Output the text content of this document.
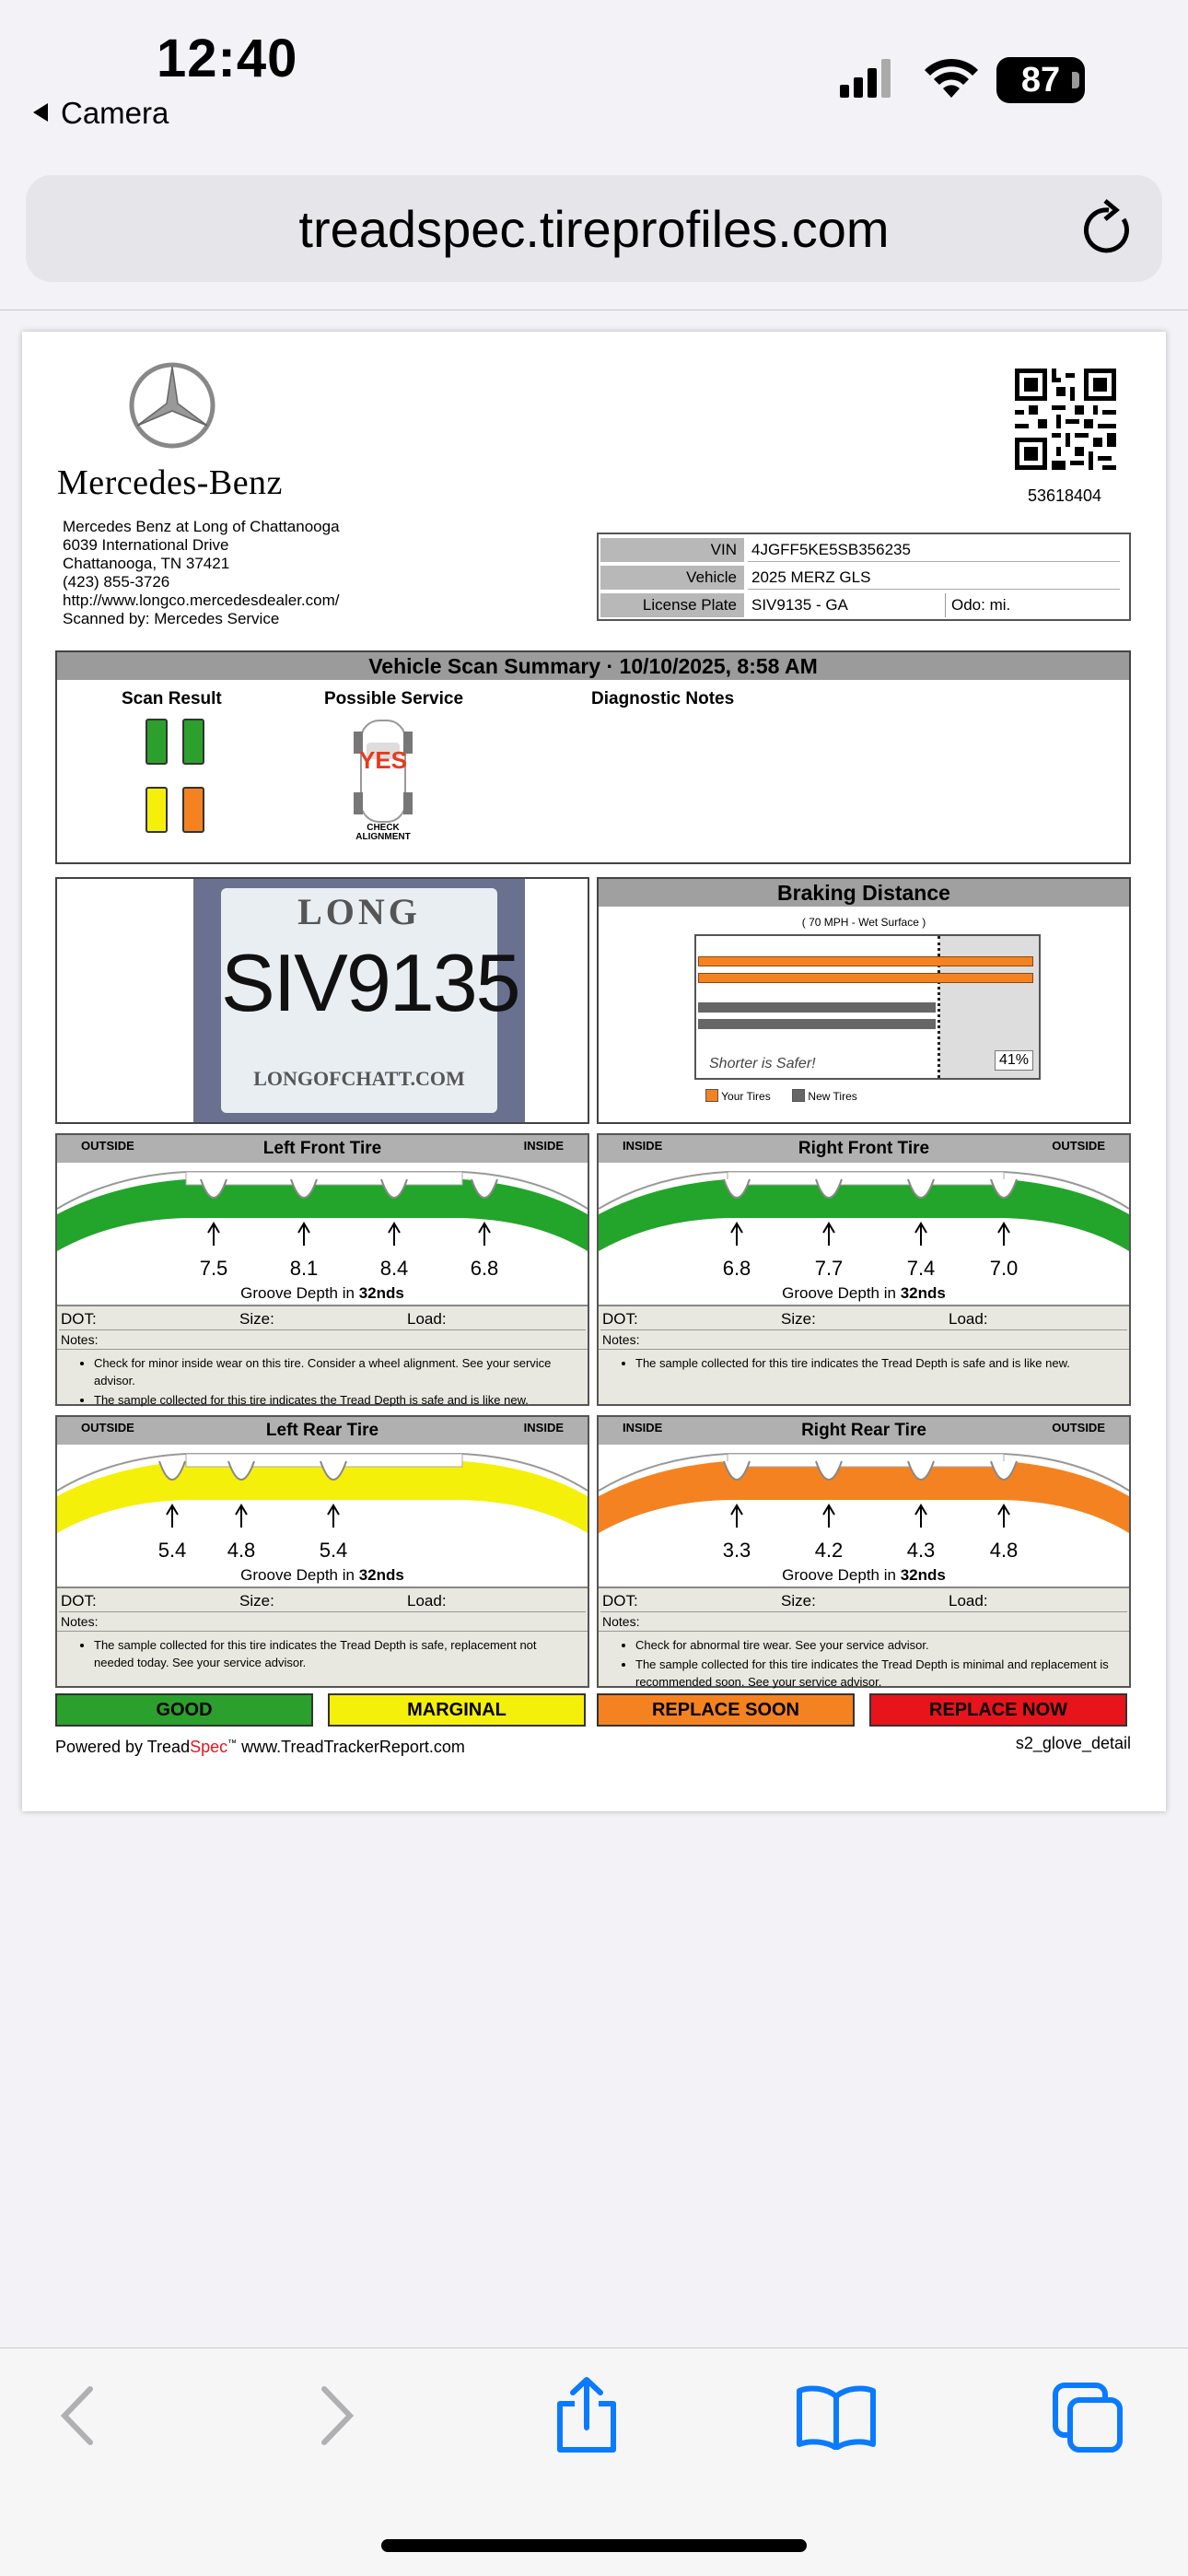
12:40
Camera
87
treadspec.tireprofiles.com
Mercedes-Benz
Mercedes Benz at Long of Chattanooga
6039 International Drive
Chattanooga, TN 37421
(423) 855-3726
http://www.longco.mercedesdealer.com/
Scanned by: Mercedes Service
53618404
VIN 4JGFF5KE5SB356235
Vehicle 2025 MERZ GLS
License Plate SIV9135 - GA	Odo: mi.
Vehicle Scan Summary · 10/10/2025, 8:58 AM
Scan Result	Possible Service	Diagnostic Notes
YES
CHECK
ALIGNMENT
LONG
SIV9135
LONGOFCHATT.COM
Braking Distance
( 70 MPH - Wet Surface )
Shorter is Safer!	41%
Your Tires	New Tires
Left Front Tire
OUTSIDE	INSIDE
7.5	8.1	8.4	6.8
Groove Depth in 32nds
DOT:	Size:	Load:
Notes:
• Check for minor inside wear on this tire. Consider a wheel alignment. See your service advisor.
• The sample collected for this tire indicates the Tread Depth is safe and is like new.
Right Front Tire
INSIDE	OUTSIDE
6.8	7.7	7.4	7.0
Groove Depth in 32nds
DOT:	Size:	Load:
Notes:
• The sample collected for this tire indicates the Tread Depth is safe and is like new.
Left Rear Tire
OUTSIDE	INSIDE
5.4	4.8	5.4
Groove Depth in 32nds
DOT:	Size:	Load:
Notes:
• The sample collected for this tire indicates the Tread Depth is safe, replacement not needed today. See your service advisor.
Right Rear Tire
INSIDE	OUTSIDE
3.3	4.2	4.3	4.8
Groove Depth in 32nds
DOT:	Size:	Load:
Notes:
• Check for abnormal tire wear. See your service advisor.
• The sample collected for this tire indicates the Tread Depth is minimal and replacement is recommended soon. See your service advisor.
GOOD	MARGINAL	REPLACE SOON	REPLACE NOW
Powered by TreadSpec™ www.TreadTrackerReport.com	s2_glove_detail
